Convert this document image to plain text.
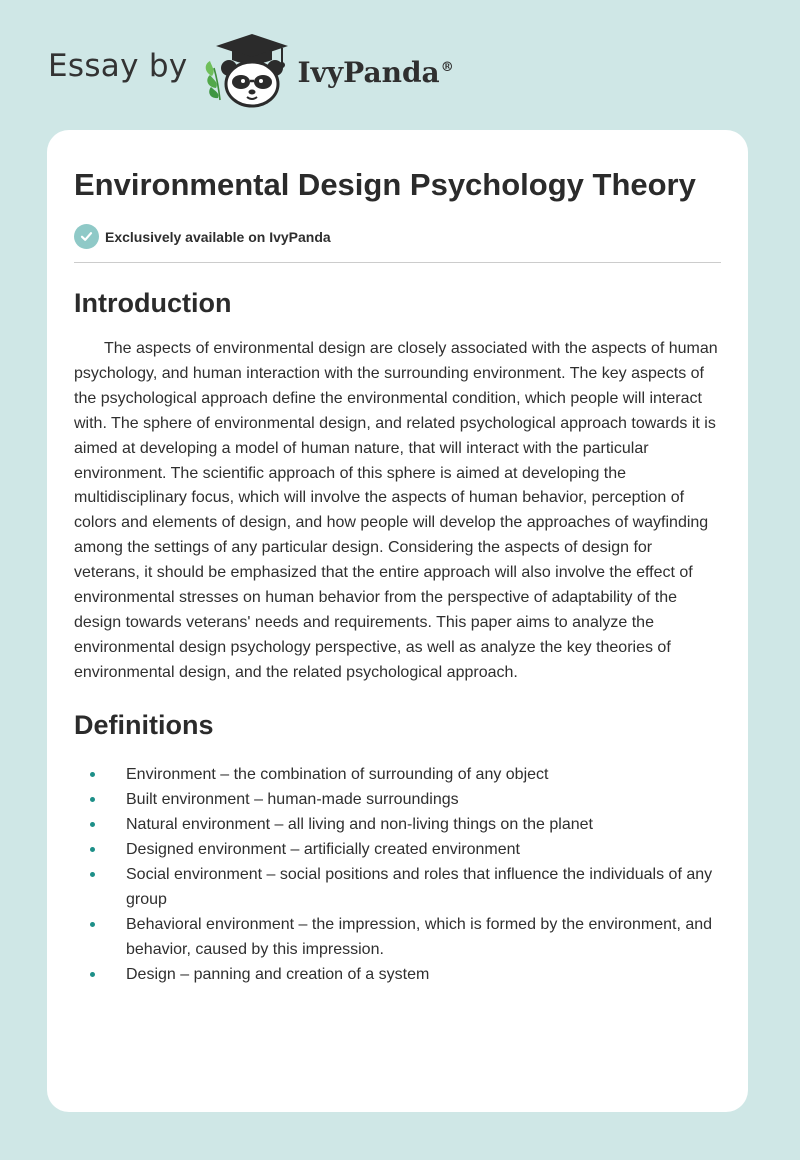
Essay by	IvyPanda®
Environmental Design Psychology Theory
Exclusively available on IvyPanda
Introduction

The aspects of environmental design are closely associated with the aspects of human psychology, and human interaction with the surrounding environment. The key aspects of the psychological approach define the environmental condition, which people will interact with. The sphere of environmental design, and related psychological approach towards it is aimed at developing a model of human nature, that will interact with the particular environment. The scientific approach of this sphere is aimed at developing the multidisciplinary focus, which will involve the aspects of human behavior, perception of colors and elements of design, and how people will develop the approaches of wayfinding among the settings of any particular design. Considering the aspects of design for veterans, it should be emphasized that the entire approach will also involve the effect of environmental stresses on human behavior from the perspective of adaptability of the design towards veterans' needs and requirements. This paper aims to analyze the environmental design psychology perspective, as well as analyze the key theories of environmental design, and the related psychological approach.

Definitions
Environment – the combination of surrounding of any object
Built environment – human-made surroundings
Natural environment – all living and non-living things on the planet
Designed environment – artificially created environment
Social environment – social positions and roles that influence the individuals of any group
Behavioral environment – the impression, which is formed by the environment, and behavior, caused by this impression.
Design – panning and creation of a system
